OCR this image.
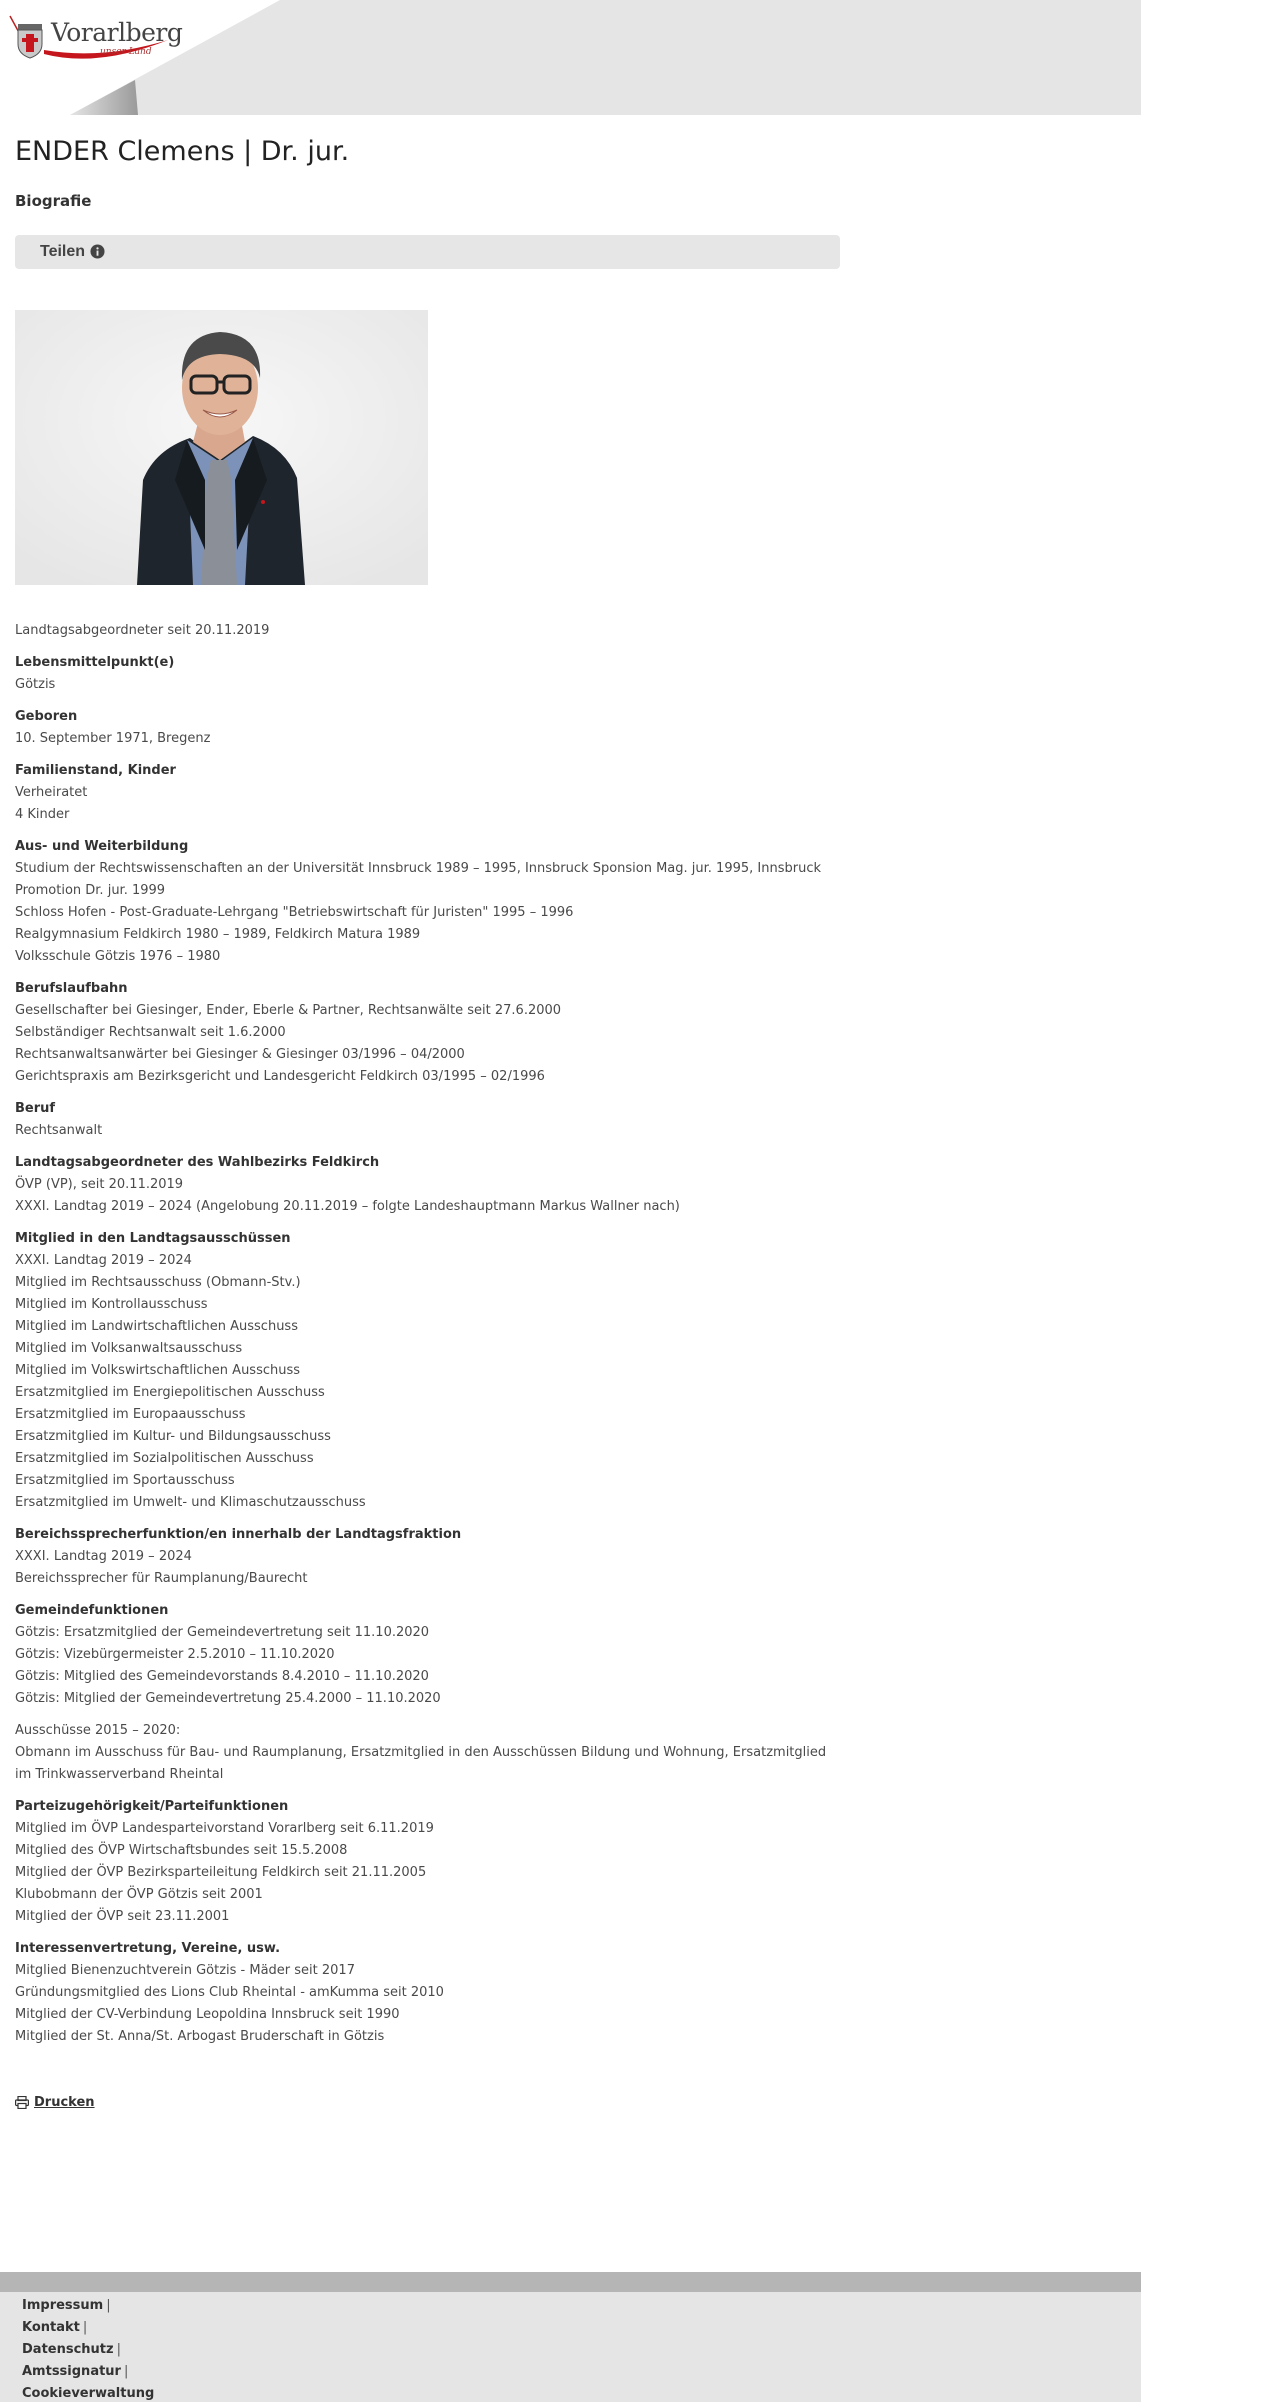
Vorarlberg
unser Land
ENDER Clemens | Dr. jur.
Biografie
Teilen
Landtagsabgeordneter seit 20.11.2019
Lebensmittelpunkt(e)
Götzis
Geboren
10. September 1971, Bregenz
Familienstand, Kinder
Verheiratet
4 Kinder
Aus- und Weiterbildung
Studium der Rechtswissenschaften an der Universität Innsbruck 1989 – 1995, Innsbruck Sponsion Mag. jur. 1995, Innsbruck Promotion Dr. jur. 1999
Schloss Hofen - Post-Graduate-Lehrgang "Betriebswirtschaft für Juristen" 1995 – 1996
Realgymnasium Feldkirch 1980 – 1989, Feldkirch Matura 1989
Volksschule Götzis 1976 – 1980
Berufslaufbahn
Gesellschafter bei Giesinger, Ender, Eberle & Partner, Rechtsanwälte seit 27.6.2000
Selbständiger Rechtsanwalt seit 1.6.2000
Rechtsanwaltsanwärter bei Giesinger & Giesinger 03/1996 – 04/2000
Gerichtspraxis am Bezirksgericht und Landesgericht Feldkirch 03/1995 – 02/1996
Beruf
Rechtsanwalt
Landtagsabgeordneter des Wahlbezirks Feldkirch
ÖVP (VP), seit 20.11.2019
XXXI. Landtag 2019 – 2024 (Angelobung 20.11.2019 – folgte Landeshauptmann Markus Wallner nach)
Mitglied in den Landtagsausschüssen
XXXI. Landtag 2019 – 2024
Mitglied im Rechtsausschuss (Obmann-Stv.)
Mitglied im Kontrollausschuss
Mitglied im Landwirtschaftlichen Ausschuss
Mitglied im Volksanwaltsausschuss
Mitglied im Volkswirtschaftlichen Ausschuss
Ersatzmitglied im Energiepolitischen Ausschuss
Ersatzmitglied im Europaausschuss
Ersatzmitglied im Kultur- und Bildungsausschuss
Ersatzmitglied im Sozialpolitischen Ausschuss
Ersatzmitglied im Sportausschuss
Ersatzmitglied im Umwelt- und Klimaschutzausschuss
Bereichssprecherfunktion/en innerhalb der Landtagsfraktion
XXXI. Landtag 2019 – 2024
Bereichssprecher für Raumplanung/Baurecht
Gemeindefunktionen
Götzis: Ersatzmitglied der Gemeindevertretung seit 11.10.2020
Götzis: Vizebürgermeister 2.5.2010 – 11.10.2020
Götzis: Mitglied des Gemeindevorstands 8.4.2010 – 11.10.2020
Götzis: Mitglied der Gemeindevertretung 25.4.2000 – 11.10.2020
Ausschüsse 2015 – 2020:
Obmann im Ausschuss für Bau- und Raumplanung, Ersatzmitglied in den Ausschüssen Bildung und Wohnung, Ersatzmitglied im Trinkwasserverband Rheintal
Parteizugehörigkeit/Parteifunktionen
Mitglied im ÖVP Landesparteivorstand Vorarlberg seit 6.11.2019
Mitglied des ÖVP Wirtschaftsbundes seit 15.5.2008
Mitglied der ÖVP Bezirksparteileitung Feldkirch seit 21.11.2005
Klubobmann der ÖVP Götzis seit 2001
Mitglied der ÖVP seit 23.11.2001
Interessenvertretung, Vereine, usw.
Mitglied Bienenzuchtverein Götzis - Mäder seit 2017
Gründungsmitglied des Lions Club Rheintal - amKumma seit 2010
Mitglied der CV-Verbindung Leopoldina Innsbruck seit 1990
Mitglied der St. Anna/St. Arbogast Bruderschaft in Götzis
Drucken
Impressum |
Kontakt |
Datenschutz |
Amtssignatur |
Cookieverwaltung
